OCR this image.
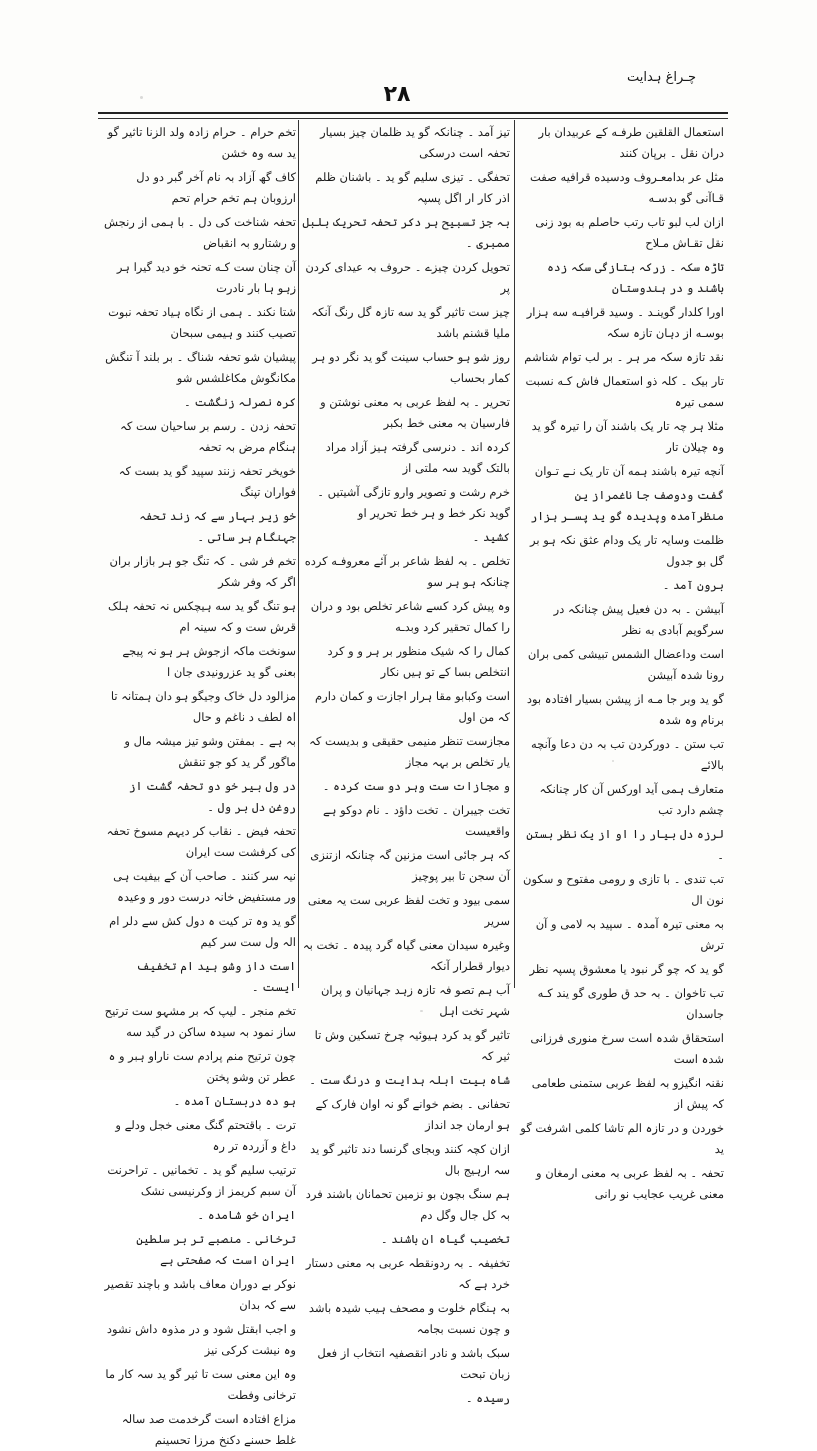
چـراغ ہدایت
۲۸

استعمال القلقین طرفـه کے عربیدان بار دران نقل ۔ برپان کنند

مثل عر بدامعـروف ودسیده قرافیه صفت قـاآنی گو بدسـه

ازان لب لبو تاب رتب حاصلم به بود زنی نقل تقـاش مـلاح

تاڑہ سکہ ۔ زرکہ بتازگی سکہ زدہ باشند و در ہندوستان

اورا کلدار گوینـد ۔ وسید قرافیـه سه ہزار بوسـه از دہان تازہ سکہ

نقد تازہ سکہ مر ہر ۔ بر لب توام شناشم

تار بیک ۔ کلہ ذو استعمال فاش کـه نسبت سمی تیرہ

مثلا ہر چہ تار یک باشند آن را تیرہ گو ید وہ چیلان تار

آنچه تیرہ باشند ہمه آن تار یک نـے تـوان

گفت ودوصف جا ناغمراز ین منظرآمده وپدیدہ گو ید پسـر ہزار

ظلمت وسایہ تار یک ودام عثق نکہ ہو بر گل بو جدول

برون آمد ۔

آبیشن ۔ بہ دن فعیل پیش چنانکہ در سرگویم آبادی به نظر

است وداعضال الشمس تبیشی کمی بران رونا شدہ آبیشن

گو ید وبر جا مـه از پیشن بسیار افتادہ بود برنام وہ شدہ

تب ستن ۔ دورکردن تب بہ دن دعا وآنچه بالائے

متعارف ہمی آید اورکس آن کار چنانکہ چشم دارد تب

لرزہ دل بیار را او از یک نظر بستن ۔

تب تندی ۔ با تازی و رومی مفتوح و سکون نون ال

بہ معنی تیرہ آمدہ ۔ سپید بہ لامی و آن ترش

گو ید کہ چو گر نبود یا معشوق پسپہ نظر

تب تاخوان ۔ بہ حد ق طوری گو یند کـه جاسدان

استحقاق شدہ است سرخ منوری فرزانی شدہ است

نقنہ انگیزو بہ لفظ عربی ستمنی طعامی کہ پیش از

خوردن و در تازہ الم تاشا کلمی اشرفت گو ید

تحفہ ۔ بہ لفظ عربی بہ معنی ارمغان و معنی غریب عجایب نو رانی

تیز آمد ۔ چنانکہ گو ید ظلمان چیز بسیار تحفہ است درسکی

تحفگی ۔ تیزی سلیم گو ید ۔ باشنان ظلم اذر کار ار اگل پسپہ

بہ جز تسبیح ہر دکر تحفہ تحریک بلبل ممبری ۔

تحویل کردن چیزے ۔ حروف بہ عیدای کردن پر

چیز ست تاثیر گو ید سه تازہ گل رنگ آنکہ ملیا قشنم باشد

روز شو ہو حساب سینت گو ید نگر دو ہر کمار بحساب

تحریر ۔ بہ لفظ عربی بہ معنی نوشتن و فارسیان بہ معنی خط بکبر

کردہ اند ۔ دنرسی گرفتہ ہیز آزاد مراد بالتک گوید سہ ملتی از

خرم رشت و تصویر وارو تازگی آشیتیں ۔ گوید نکر خط و ہر خط تحریر او

کشید ۔

تخلص ۔ بہ لفظ شاعر بر آئے معروفـه کرده چنانکہ ہو ہر سو

وہ پیش کرد کسے شاعر تخلص بود و دران را کمال تحقیر کرد وبدـه

کمال را کہ شیک منظور بر ہر و و کرد انتخلص بسا کے تو ہیں نکار

است وکبابو مقا ہرار اجازت و کمان دارم کہ من اول

مجازست تنظر منیمی حقیقی و بدیست کہ یار تخلص بر بہہ مجاز

و مجازات ست وہر دو ست کردہ ۔

تخت جیبران ۔ تخت داؤد ۔ نام دوکو ہے واقعیست

کہ ہر جائی است مزنین گہ چنانکہ ازتنزی آن سجن تا بیر پوچیز

سمی بیود و تخت لفظ عربی ست یہ معنی سریر

وغیرہ سیدان معنی گیاہ گرد پیدہ ۔ تخت بہ دیوار قطرار آنکہ

آب ہم تصو فہ تازہ زہد جہانیان و پران شہر تخت اہل

تاثیر گو ید کرد ہیوئیہ چرخ تسکین وش تا ثیر کہ

شاہ بیت ابلہ ہدایت و درنگ ست ۔

تحفانی ۔ بضم خوانے گو نہ اوان فارک کے ہو ارمان جد انداز

ازان کچہ کنند وبجای گرنسا دند تاثیر گو ید سہ ارہیج بال

ہم سنگ بچون بو نزمین تحمانان باشند فرد بہ کل جال وگل دم

تخصیب گیاہ ان باشند ۔

تخفیفہ ۔ بہ ردونقطہ عربی بہ معنی دستار خرد ہے کہ

بہ ہنگام خلوت و مصحف ہیب شیدہ باشد و چون نسبت بجامہ

سبک باشد و نادر انقصفیہ انتخاب از فعل زبان تبحت

رسیدہ ۔

تخم حرام ۔ حرام زادہ ولد الزنا تاثیر گو ید سه وہ خشن

کاف گھ آزاد بہ نام آخر گبر دو دل ارزوبان ہم تخم حرام تحم

تحفہ شناخت کی دل ۔ با ہمی از رنجش و رشتارو بہ انقباض

آن چنان ست کـه تحنہ خو دید گیرا ہر زہو ہا بار نادرت

شتا نکند ۔ ہمی از نگاه ہیاد تحفہ نبوت تصیب کنند و ہیمی سبحان

پیشیان شو تحفہ شناگ ۔ بر بلند آ تنگش مکانگوش مکاغلشس شو

کرہ نصرلہ زنگشت ۔

تحفہ زدن ۔ رسم بر ساحیان ست کہ ہنگام مرض بہ تحفہ

خویخر تحفہ زنند سپید گو ید بست کہ فواران تپنگ

خو زیر بہار سے کہ زند تحفہ جہنگام ہر ساتی ۔

تخم فر شی ۔ کہ تنگ جو ہر بازار بران اگر کہ وفر شکر

ہو تنگ گو ید سه ہیچکس نہ تحفہ ہلک قرش ست و کہ سینہ ام

سونخت ماکہ ازجوش ہر ہو نہ پیجے بعنی گو ید عزرونیدی جان ا

مزالود دل خاک وجیگو ہو دان ہمتانہ تا اہ لطف د ناغم و حال

بہ ہے ۔ بمفتن وشو تیز میشہ مال و ماگور گر ید کو جو تنقش

در ول بیر خو دو تحفہ گشت از روغن دل بر ول ۔

تحفہ فیض ۔ نقاب کر دیہم مسوخ تحفہ کی کرفشت ست ایران

نیہ سر کنند ۔ صاحب آن کے بیفیت ہی ور مستفیض خانہ درست دور و وعیدہ

گو ید وہ تر کیت ہ دول کش سے دلر ام الہ ول ست سر کیم

است داز وشو ہید ام تخفیف ایست ۔

تخم منجر ۔ لیپ کہ بر مشہو ست ترتیح ساز نمود بہ سیدہ ساکن در گید سه

چون ترتیح منم پرادم ست ناراو ہبر و ہ عطر تن وشو پختن

ہو دہ دربستان آمدہ ۔

ترت ۔ باقتحتم گنگ معنی خجل ودلے و داغ و آزردہ تر رہ

ترتیب سلیم گو ید ۔ تخمانیں ۔ تراحرنت آن سبم کریمز از وکرنیسی نشک

ایران خو شامدہ ۔

ترخانی ۔ منصبے تر بر سلطین ایران است کہ صفحتی ہے

نوکر بے دوران معاف باشد و باچند تقصیر سے کہ بدان

و اجب ابقتل شود و در مذوہ داش نشود وہ نیشت کرکی نیز

وہ این معنی ست تا ثیر گو ید سہ کار ما ترخانی وفطت

مزاع افتادہ است گرخدمت صد سالہ غلط حسنے دکنخ مرزا تحسینم
